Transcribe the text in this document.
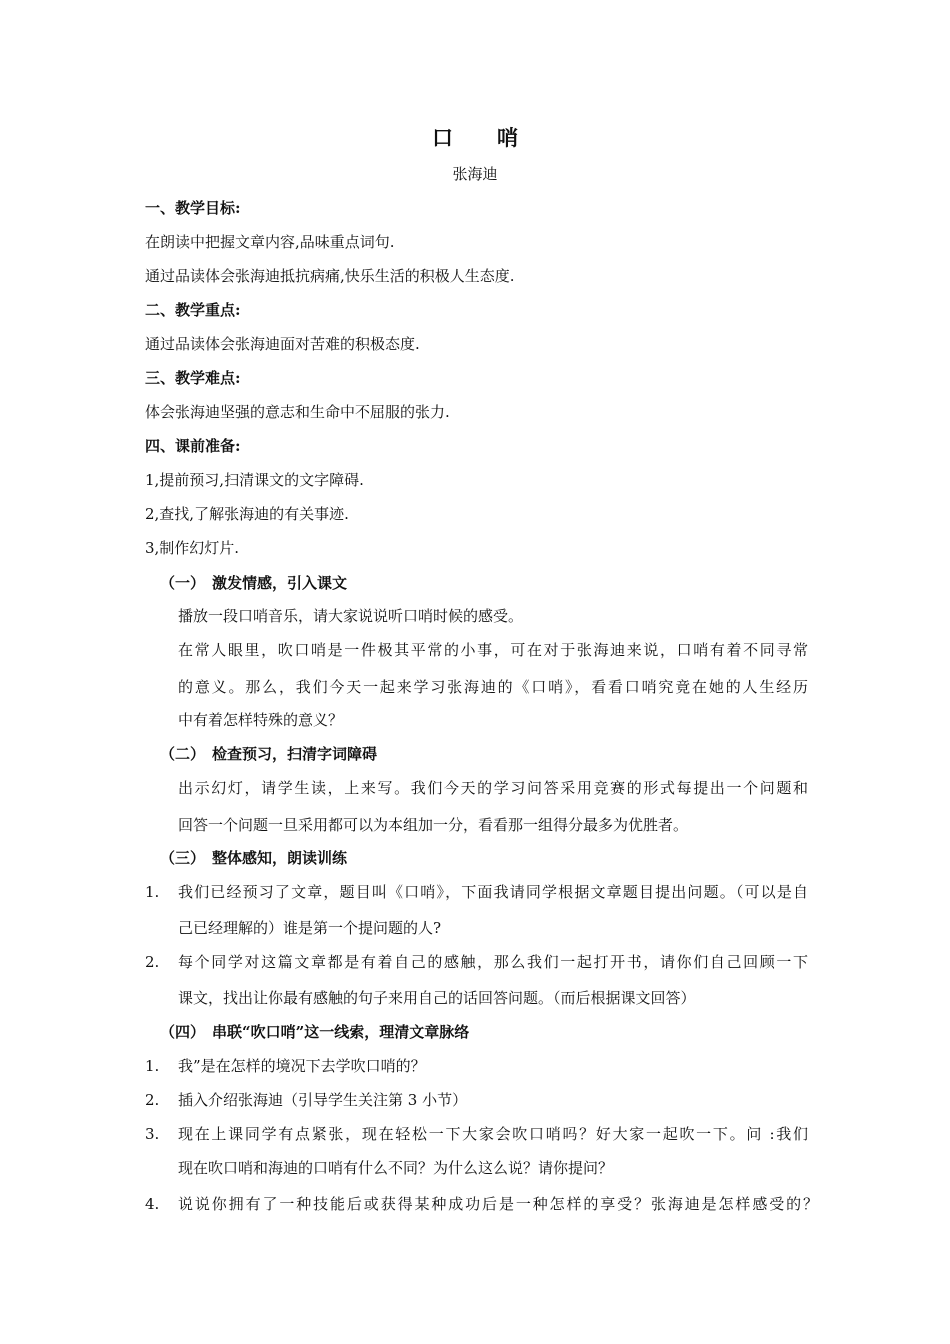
口哨
张海迪
一、教学目标:
在朗读中把握文章内容,品味重点词句.
通过品读体会张海迪抵抗病痛,快乐生活的积极人生态度.
二、教学重点:
通过品读体会张海迪面对苦难的积极态度.
三、教学难点:
体会张海迪坚强的意志和生命中不屈服的张力.
四、课前准备:
1,提前预习,扫清课文的文字障碍.
2,查找,了解张海迪的有关事迹.
3,制作幻灯片.
（一） 激发情感，引入课文
播放一段口哨音乐，请大家说说听口哨时候的感受。
在常人眼里，吹口哨是一件极其平常的小事，可在对于张海迪来说，口哨有着不同寻常
的意义。那么，我们今天一起来学习张海迪的《口哨》，看看口哨究竟在她的人生经历
中有着怎样特殊的意义？
（二） 检查预习，扫清字词障碍
出示幻灯，请学生读，上来写。我们今天的学习问答采用竞赛的形式每提出一个问题和
回答一个问题一旦采用都可以为本组加一分，看看那一组得分最多为优胜者。
（三） 整体感知，朗读训练
1. 我们已经预习了文章，题目叫《口哨》，下面我请同学根据文章题目提出问题。（可以是自
己已经理解的）谁是第一个提问题的人?
2. 每个同学对这篇文章都是有着自己的感触，那么我们一起打开书，请你们自己回顾一下
课文，找出让你最有感触的句子来用自己的话回答问题。（而后根据课文回答）
（四） 串联“吹口哨”这一线索，理清文章脉络
1. 我”是在怎样的境况下去学吹口哨的？
2. 插入介绍张海迪（引导学生关注第 3 小节）
3. 现在上课同学有点紧张，现在轻松一下大家会吹口哨吗？好大家一起吹一下。问 :我们
现在吹口哨和海迪的口哨有什么不同？为什么这么说？请你提问？
4. 说说你拥有了一种技能后或获得某种成功后是一种怎样的享受？张海迪是怎样感受的？
